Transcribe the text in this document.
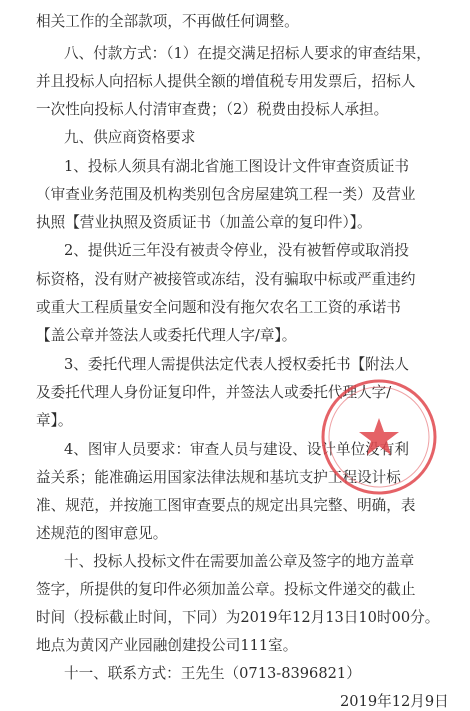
相关工作的全部款项，不再做任何调整。
八、付款方式：（1）在提交满足招标人要求的审查结果，
并且投标人向招标人提供全额的增值税专用发票后，招标人
一次性向投标人付清审查费；（2）税费由投标人承担。
九、供应商资格要求
1、投标人须具有湖北省施工图设计文件审查资质证书
（审查业务范围及机构类别包含房屋建筑工程一类）及营业
执照【营业执照及资质证书（加盖公章的复印件）】。
2、提供近三年没有被责令停业，没有被暂停或取消投
标资格，没有财产被接管或冻结，没有骗取中标或严重违约
或重大工程质量安全问题和没有拖欠农名工工资的承诺书
【盖公章并签法人或委托代理人字/章】。
3、委托代理人需提供法定代表人授权委托书【附法人
及委托代理人身份证复印件，并签法人或委托代理人字/
章】。
4、图审人员要求：审查人员与建设、设计单位没有利
益关系；能准确运用国家法律法规和基坑支护工程设计标
准、规范，并按施工图审查要点的规定出具完整、明确，表
述规范的图审意见。
十、投标人投标文件在需要加盖公章及签字的地方盖章
签字，所提供的复印件必须加盖公章。投标文件递交的截止
时间（投标截止时间，下同）为2019年12月13日10时00分。
地点为黄冈产业园融创建投公司111室。
十一、联系方式：王先生（0713-8396821）
2019年12月9日
